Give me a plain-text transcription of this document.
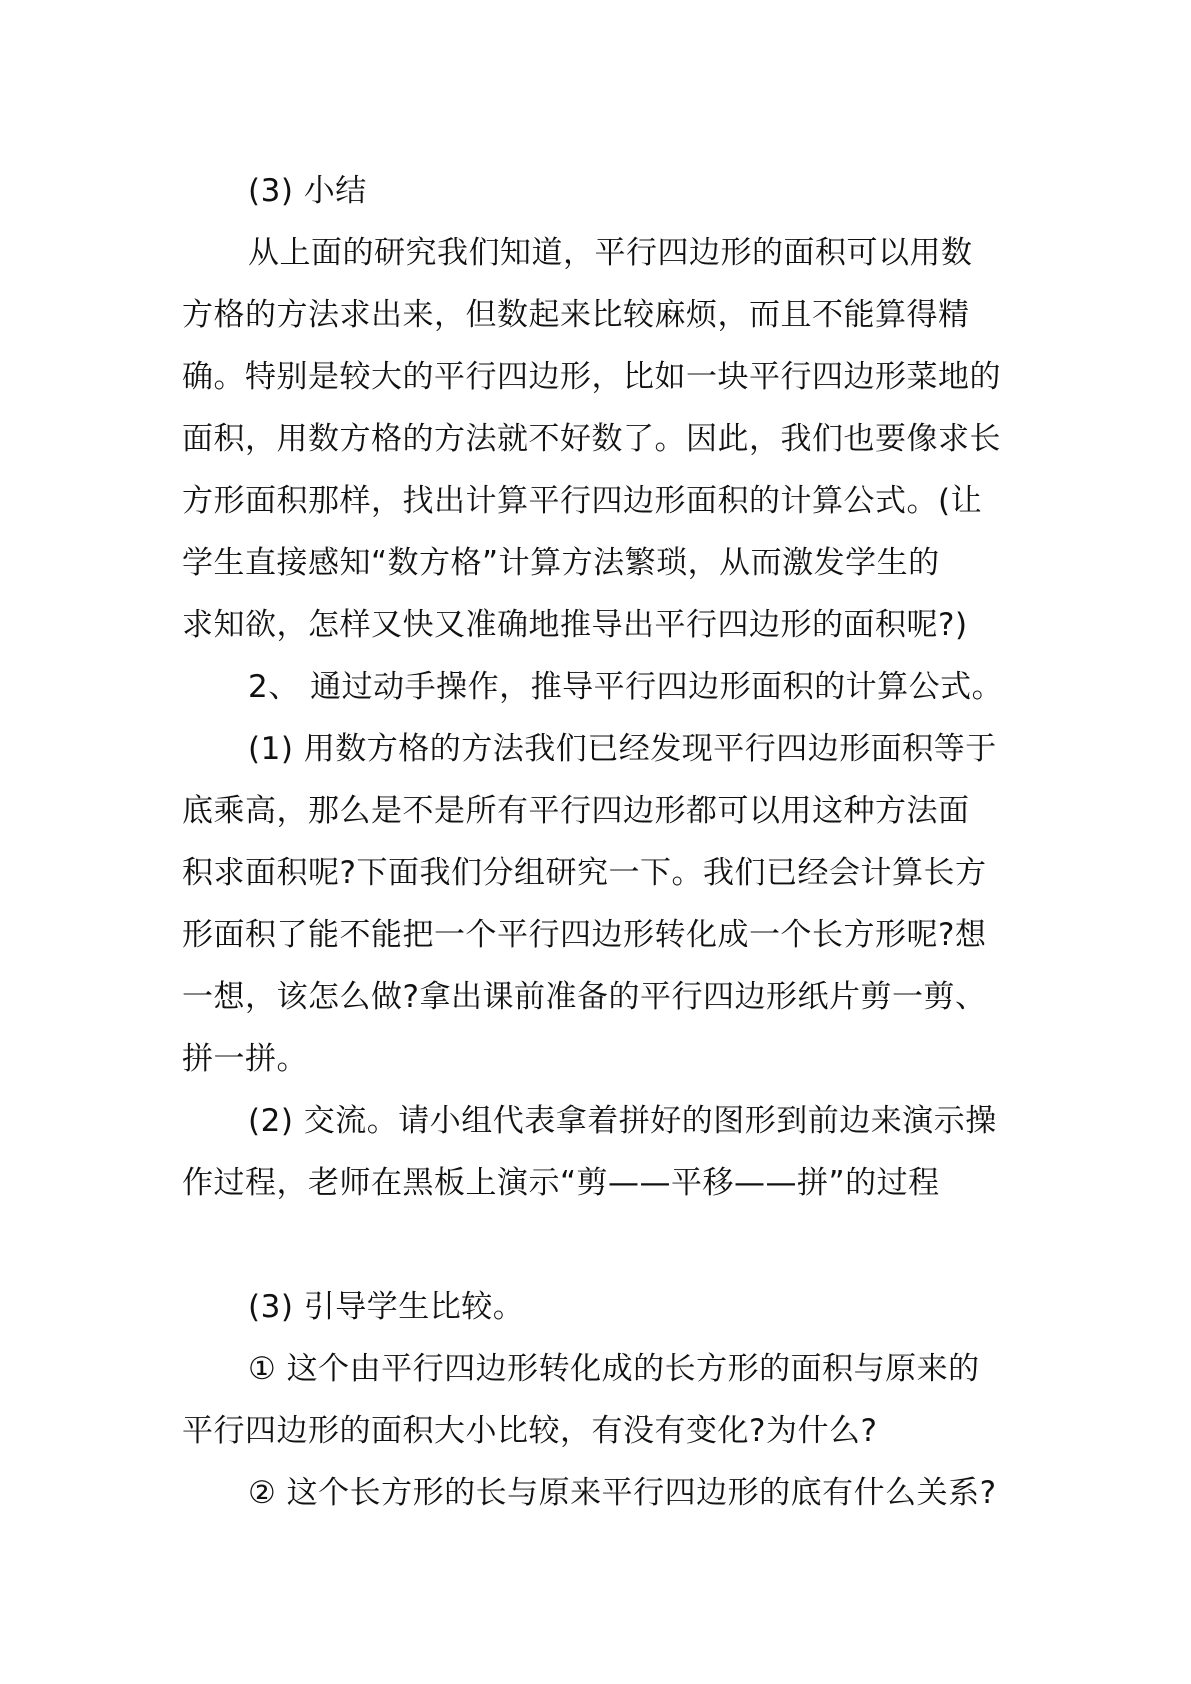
(3) 小结
从上面的研究我们知道，平行四边形的面积可以用数
方格的方法求出来，但数起来比较麻烦，而且不能算得精
确。特别是较大的平行四边形，比如一块平行四边形菜地的
面积，用数方格的方法就不好数了。因此，我们也要像求长
方形面积那样，找出计算平行四边形面积的计算公式。(让
学生直接感知“数方格”计算方法繁琐，从而激发学生的
求知欲，怎样又快又准确地推导出平行四边形的面积呢?)
2、 通过动手操作，推导平行四边形面积的计算公式。
(1) 用数方格的方法我们已经发现平行四边形面积等于
底乘高，那么是不是所有平行四边形都可以用这种方法面
积求面积呢?下面我们分组研究一下。我们已经会计算长方
形面积了能不能把一个平行四边形转化成一个长方形呢?想
一想，该怎么做?拿出课前准备的平行四边形纸片剪一剪、
拼一拼。
(2) 交流。请小组代表拿着拼好的图形到前边来演示操
作过程，老师在黑板上演示“剪——平移——拼”的过程
(3) 引导学生比较。
① 这个由平行四边形转化成的长方形的面积与原来的
平行四边形的面积大小比较，有没有变化?为什么?
② 这个长方形的长与原来平行四边形的底有什么关系?
